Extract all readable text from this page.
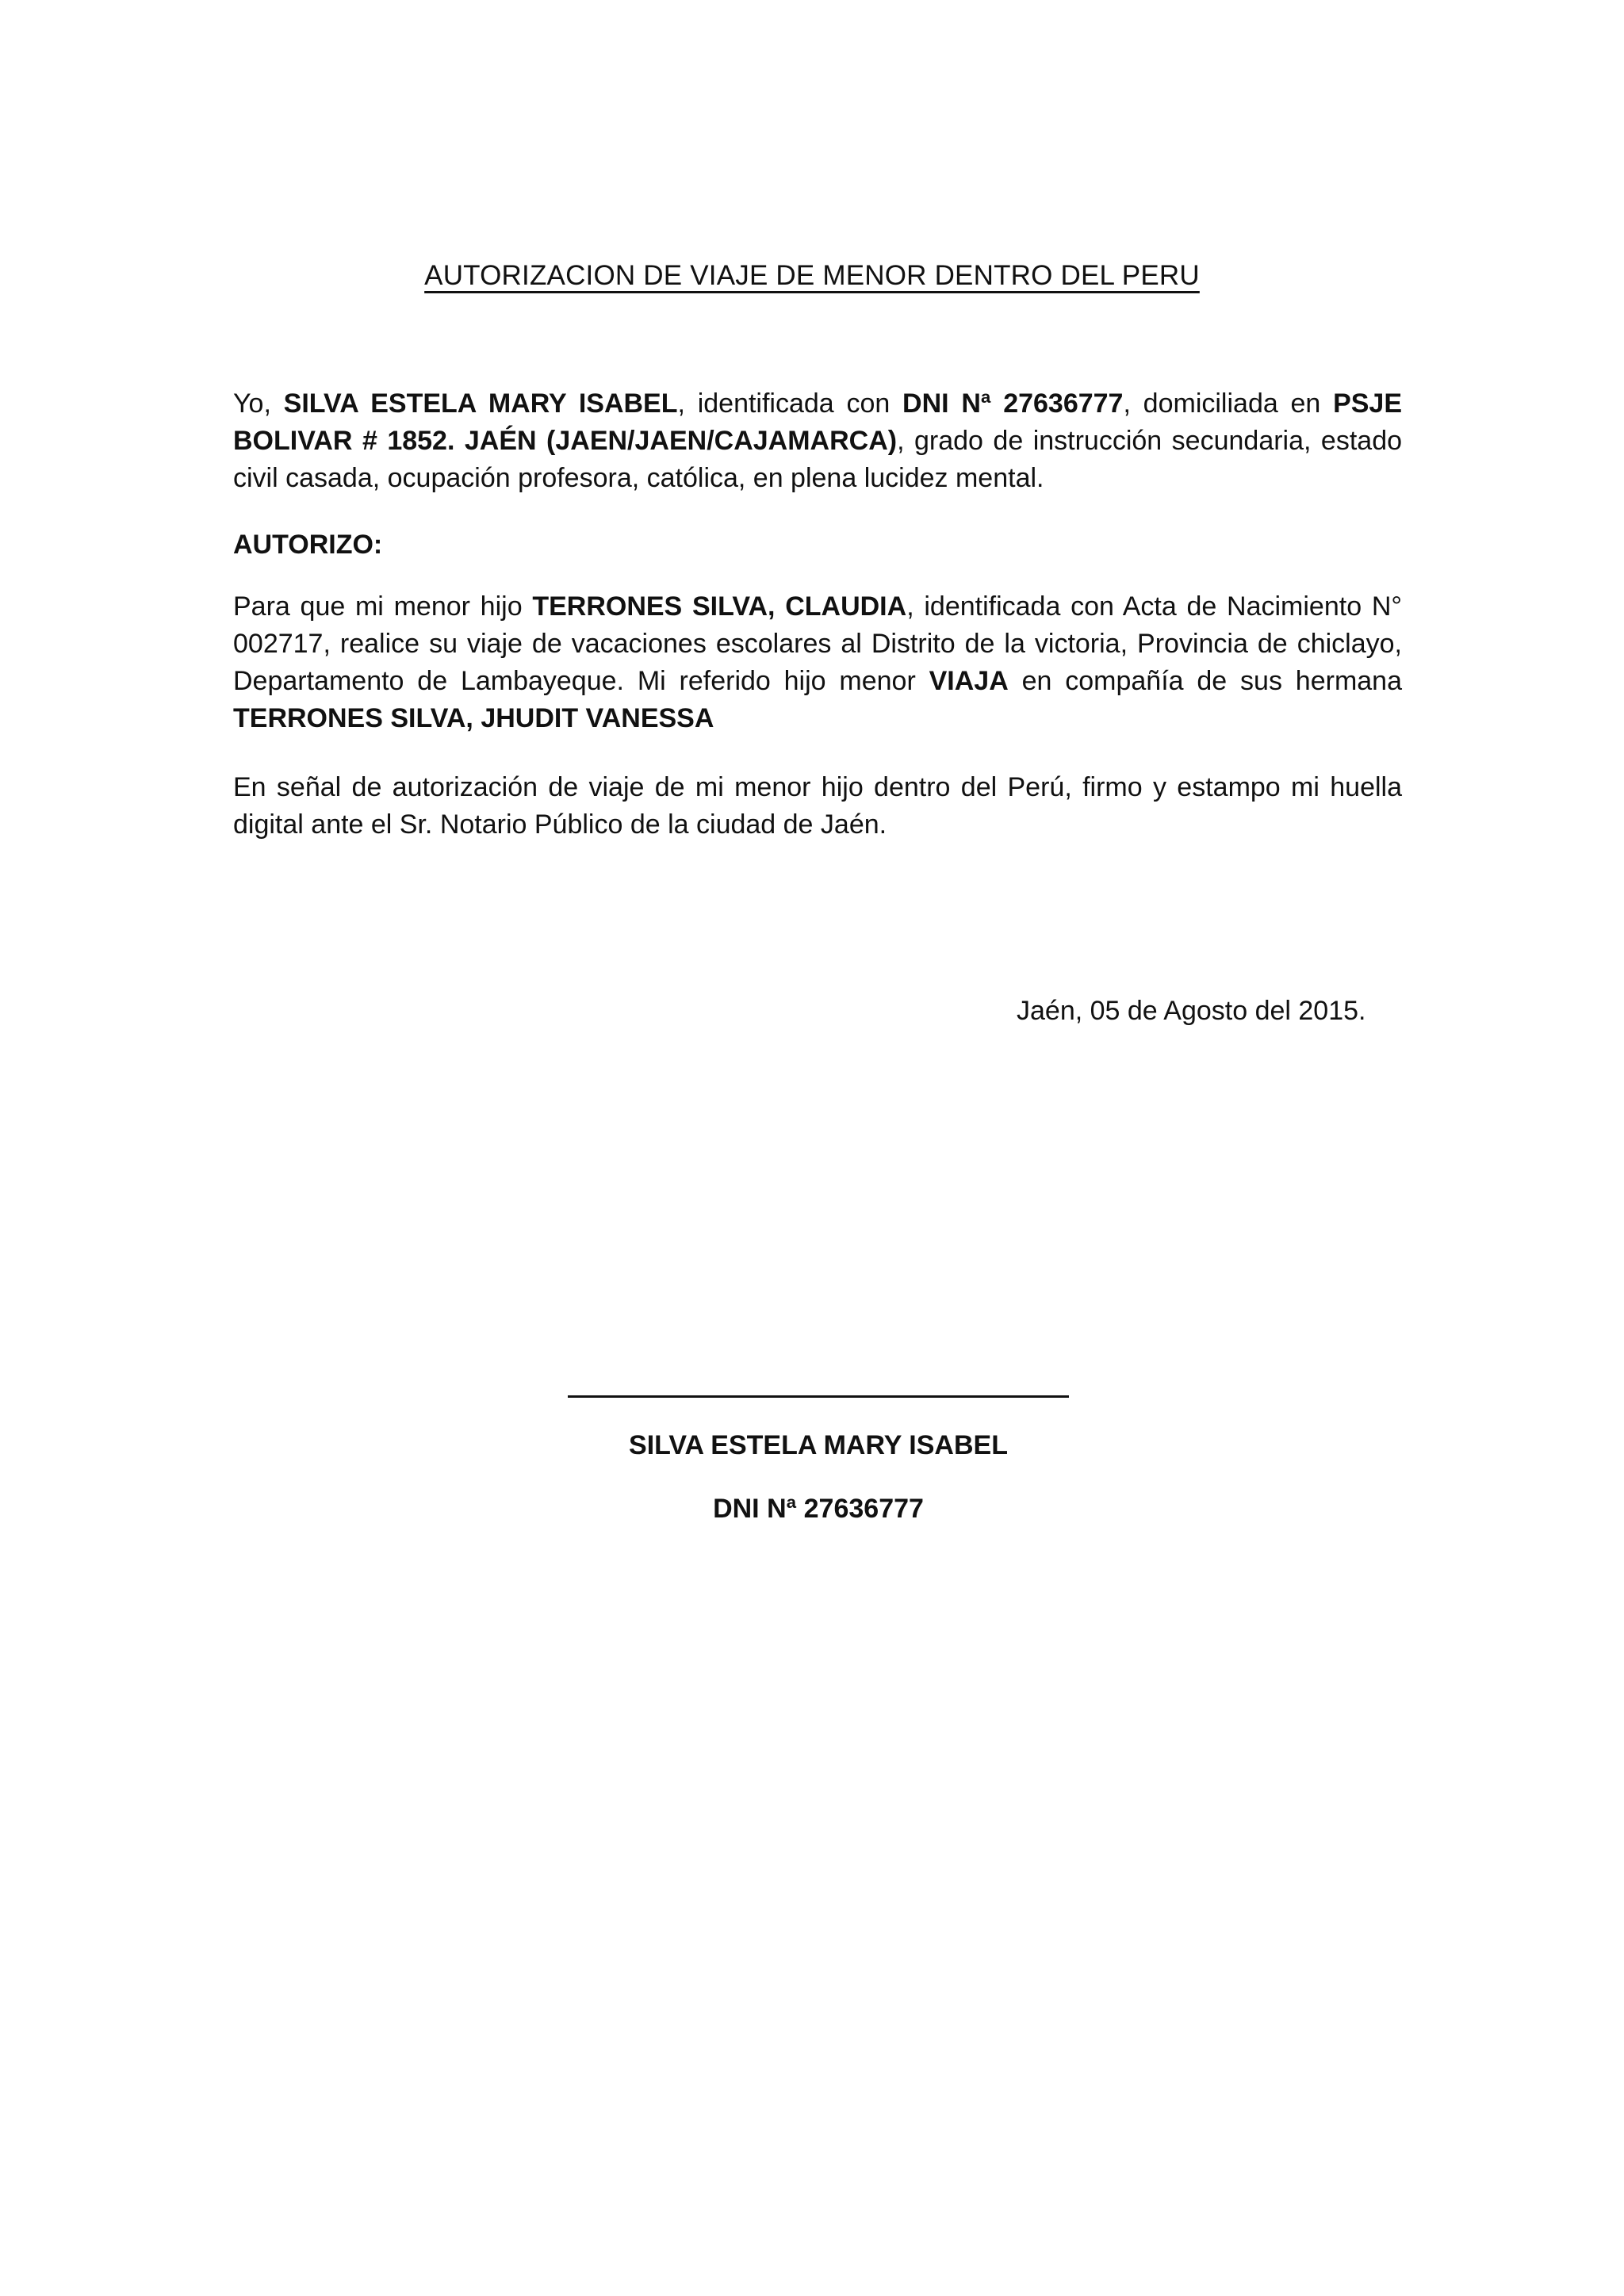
AUTORIZACION DE VIAJE DE MENOR DENTRO DEL PERU
Yo, SILVA ESTELA MARY ISABEL, identificada con DNI Nª 27636777, domiciliada en PSJE BOLIVAR # 1852. JAÉN (JAEN/JAEN/CAJAMARCA), grado de instrucción secundaria, estado civil casada, ocupación profesora, católica, en plena lucidez mental.
AUTORIZO:
Para que mi menor hijo TERRONES SILVA, CLAUDIA, identificada con Acta de Nacimiento N° 002717, realice su viaje de vacaciones escolares al Distrito de la victoria, Provincia de chiclayo, Departamento de Lambayeque. Mi referido hijo menor VIAJA en compañía de sus hermana TERRONES SILVA, JHUDIT VANESSA
En señal de autorización de viaje de mi menor hijo dentro del Perú, firmo y estampo mi huella digital ante el Sr. Notario Público de la ciudad de Jaén.
Jaén, 05 de Agosto del 2015.
SILVA ESTELA MARY ISABEL
DNI Nª 27636777
